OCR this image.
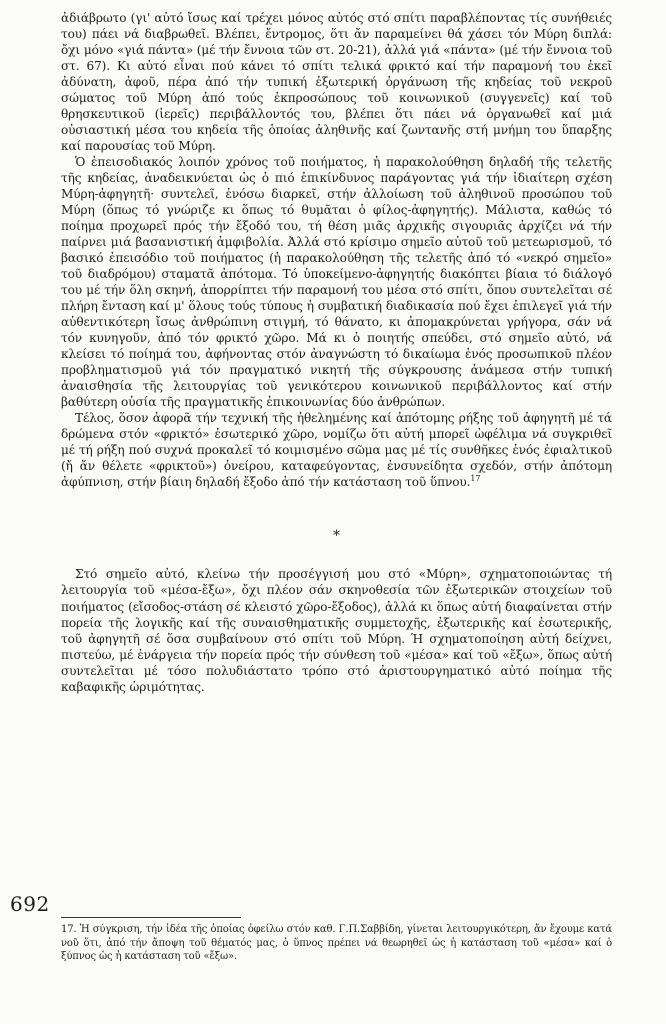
ἀδιάβρωτο (γι' αὐτό ἴσως καί τρέχει μόνος αὐτός στό σπίτι παραβλέποντας τίς συνήθειές του) πάει νά διαβρωθεῖ. Βλέπει, ἔντρομος, ὅτι ἄν παραμείνει θά χάσει τόν Μύρη διπλά: ὄχι μόνο «γιά πάντα» (μέ τήν ἔννοια τῶν στ. 20-21), ἀλλά γιά «πάντα» (μέ τήν ἔννοια τοῦ στ. 67). Κι αὐτό εἶναι πού κάνει τό σπίτι τελικά φρικτό καί τήν παραμονή του ἐκεῖ ἀδύνατη, ἀφοῦ, πέρα ἀπό τήν τυπική ἐξωτερική ὀργάνωση τῆς κηδείας τοῦ νεκροῦ σώματος τοῦ Μύρη ἀπό τούς ἐκπροσώπους τοῦ κοινωνικοῦ (συγγενεῖς) καί τοῦ θρησκευτικοῦ (ἱερεῖς) περιβάλλοντός του, βλέπει ὅτι πάει νά ὀργανωθεῖ καί μιά οὐσιαστική μέσα του κηδεία τῆς ὁποίας ἀληθινῆς καί ζωντανῆς στή μνήμη του ὕπαρξης καί παρουσίας τοῦ Μύρη.

Ὁ ἐπεισοδιακός λοιπόν χρόνος τοῦ ποιήματος, ἡ παρακολούθηση δηλαδή τῆς τελετῆς τῆς κηδείας, ἀναδεικνύεται ὡς ὁ πιό ἐπικίνδυνος παράγοντας γιά τήν ἰδιαίτερη σχέση Μύρη-ἀφηγητῆ· συντελεῖ, ἐνόσω διαρκεῖ, στήν ἀλλοίωση τοῦ ἀληθινοῦ προσώπου τοῦ Μύρη (ὅπως τό γνώριζε κι ὅπως τό θυμᾶται ὁ φίλος-ἀφηγητής). Μάλιστα, καθώς τό ποίημα προχωρεῖ πρός τήν ἔξοδό του, τή θέση μιᾶς ἀρχικῆς σιγουριᾶς ἀρχίζει νά τήν παίρνει μιά βασανιστική ἀμφιβολία. Ἀλλά στό κρίσιμο σημεῖο αὐτοῦ τοῦ μετεωρισμοῦ, τό βασικό ἐπεισόδιο τοῦ ποιήματος (ἡ παρακολούθηση τῆς τελετῆς ἀπό τό «νεκρό σημεῖο» τοῦ διαδρόμου) σταματᾶ ἀπότομα. Τό ὑποκείμενο-ἀφηγητής διακόπτει βίαια τό διάλογό του μέ τήν ὅλη σκηνή, ἀπορρίπτει τήν παραμονή του μέσα στό σπίτι, ὅπου συντελεῖται σέ πλήρη ἔνταση καί μ' ὅλους τούς τύπους ἡ συμβατική διαδικασία πού ἔχει ἐπιλεγεῖ γιά τήν αὐθεντικότερη ἴσως ἀνθρώπινη στιγμή, τό θάνατο, κι ἀπομακρύνεται γρήγορα, σάν νά τόν κυνηγοῦν, ἀπό τόν φρικτό χῶρο. Μά κι ὁ ποιητής σπεύδει, στό σημεῖο αὐτό, νά κλείσει τό ποίημά του, ἀφήνοντας στόν ἀναγνώστη τό δικαίωμα ἑνός προσωπικοῦ πλέον προβληματισμοῦ γιά τόν πραγματικό νικητή τῆς σύγκρουσης ἀνάμεσα στήν τυπική ἀναισθησία τῆς λειτουργίας τοῦ γενικότερου κοινωνικοῦ περιβάλλοντος καί στήν βαθύτερη οὐσία τῆς πραγματικῆς ἐπικοινωνίας δύο ἀνθρώπων.

Τέλος, ὅσον ἀφορᾶ τήν τεχνική τῆς ἠθελημένης καί ἀπότομης ρήξης τοῦ ἀφηγητῆ μέ τά δρώμενα στόν «φρικτό» ἐσωτερικό χῶρο, νομίζω ὅτι αὐτή μπορεῖ ὠφέλιμα νά συγκριθεῖ μέ τή ρήξη πού συχνά προκαλεῖ τό κοιμισμένο σῶμα μας μέ τίς συνθῆκες ἑνός ἐφιαλτικοῦ (ἤ ἄν θέλετε «φρικτοῦ») ὀνείρου, καταφεύγοντας, ἐνσυνείδητα σχεδόν, στήν ἀπότομη ἀφύπνιση, στήν βίαιη δηλαδή ἔξοδο ἀπό τήν κατάσταση τοῦ ὕπνου.$^{17}$

*

Στό σημεῖο αὐτό, κλείνω τήν προσέγγισή μου στό «Μύρη», σχηματοποιώντας τή λειτουργία τοῦ «μέσα-ἔξω», ὄχι πλέον σάν σκηνοθεσία τῶν ἐξωτερικῶν στοιχείων τοῦ ποιήματος (εἴσοδος-στάση σέ κλειστό χῶρο-ἔξοδος), ἀλλά κι ὅπως αὐτή διαφαίνεται στήν πορεία τῆς λογικῆς καί τῆς συναισθηματικῆς συμμετοχῆς, ἐξωτερικῆς καί ἐσωτερικῆς, τοῦ ἀφηγητῆ σέ ὅσα συμβαίνουν στό σπίτι τοῦ Μύρη. Ἡ σχηματοποίηση αὐτή δείχνει, πιστεύω, μέ ἐνάργεια τήν πορεία πρός τήν σύνθεση τοῦ «μέσα» καί τοῦ «ἔξω», ὅπως αὐτή συντελεῖται μέ τόσο πολυδιάστατο τρόπο στό ἀριστουργηματικό αὐτό ποίημα τῆς καβαφικῆς ὡριμότητας.

692
17. Ἡ σύγκριση, τήν ἰδέα τῆς ὁποίας ὀφείλω στόν καθ. Γ.Π.Σαββίδη, γίνεται λειτουργικότερη, ἄν ἔχουμε κατά νοῦ ὅτι, ἀπό τήν ἄποψη τοῦ θέματός μας, ὁ ὕπνος πρέπει νά θεωρηθεῖ ὡς ἡ κατάσταση τοῦ «μέσα» καί ὁ ξύπνος ὡς ἡ κατάσταση τοῦ «ἔξω».
